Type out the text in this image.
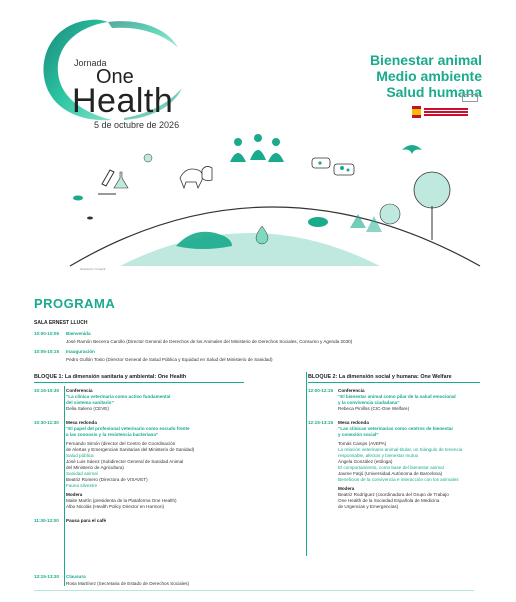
Jornada
One
Health
5 de octubre de 2026
Bienestar animal
Medio ambiente
Salud humana
Ilustración: Freepik
PROGRAMA
SALA ERNEST LLUCH
10:00-10:05 Bienvenida
José Ramón Becerra Carollo (Director General de Derechos de los Animales del Ministerio de Derechos Sociales, Consumo y Agenda 2030)
10:05-10:15 Inauguración
Pedro Gullón Tosio (Director General de Salud Pública y Equidad en Salud del Ministerio de Sanidad)
BLOQUE 1: La dimensión sanitaria y ambiental: One Health
10:15-10:30 Conferencia
“La clínica veterinaria como activo fundamental
del sistema sanitario”
Delia Saleno (CEVE)
10:30-11:30 Mesa redonda
“El papel del profesional veterinario como escudo frente
a las zoonosis y la resistencia bacteriana”
Fernando Simón (director del Centro de Coordinación
de Alertas y Emergencias Sanitarias del Ministerio de Sanidad)
Salud pública
José Luis Sáenz (Subdirector General de Sanidad Animal
del Ministerio de Agricultura)
Sanidad animal
Beatriz Romero (Directora de VISAVET)
Fauna silvestre
Modera
Maite Martín (presidenta de la Plataforma One Health)
Albo Nicolás (Health Policy Director en Harmon)
11:30-12:00 Pausa para el café
BLOQUE 2: La dimensión social y humana: One Welfare
12:00-12:15 Conferencia
“El bienestar animal como pilar de la salud emocional
y la convivencia ciudadana”
Rebeca Pinillos (CIC-One Welfare)
12:15-13:15 Mesa redonda
“Las clínicas veterinarias como centros de bienestar
y conexión social”
Tomás Camps (AVEPA)
La relación veterinario-animal-titular, un triángulo de tenencia
responsable, afectos y bienestar mutuo
Ángela González (etóloga)
El comportamiento, como base del bienestar animal
Jaume Fatjó (Universidad Autónoma de Barcelona)
Beneficios de la convivencia e interacción con los animales
Modera
Beatriz Rodríguez (coordinadora del Grupo de Trabajo
One Health de la Sociedad Española de Medicina
de Urgencias y Emergencias)
13:15-13:30 Clausura
Rosa Martínez (Secretaria de Estado de Derechos Sociales)
